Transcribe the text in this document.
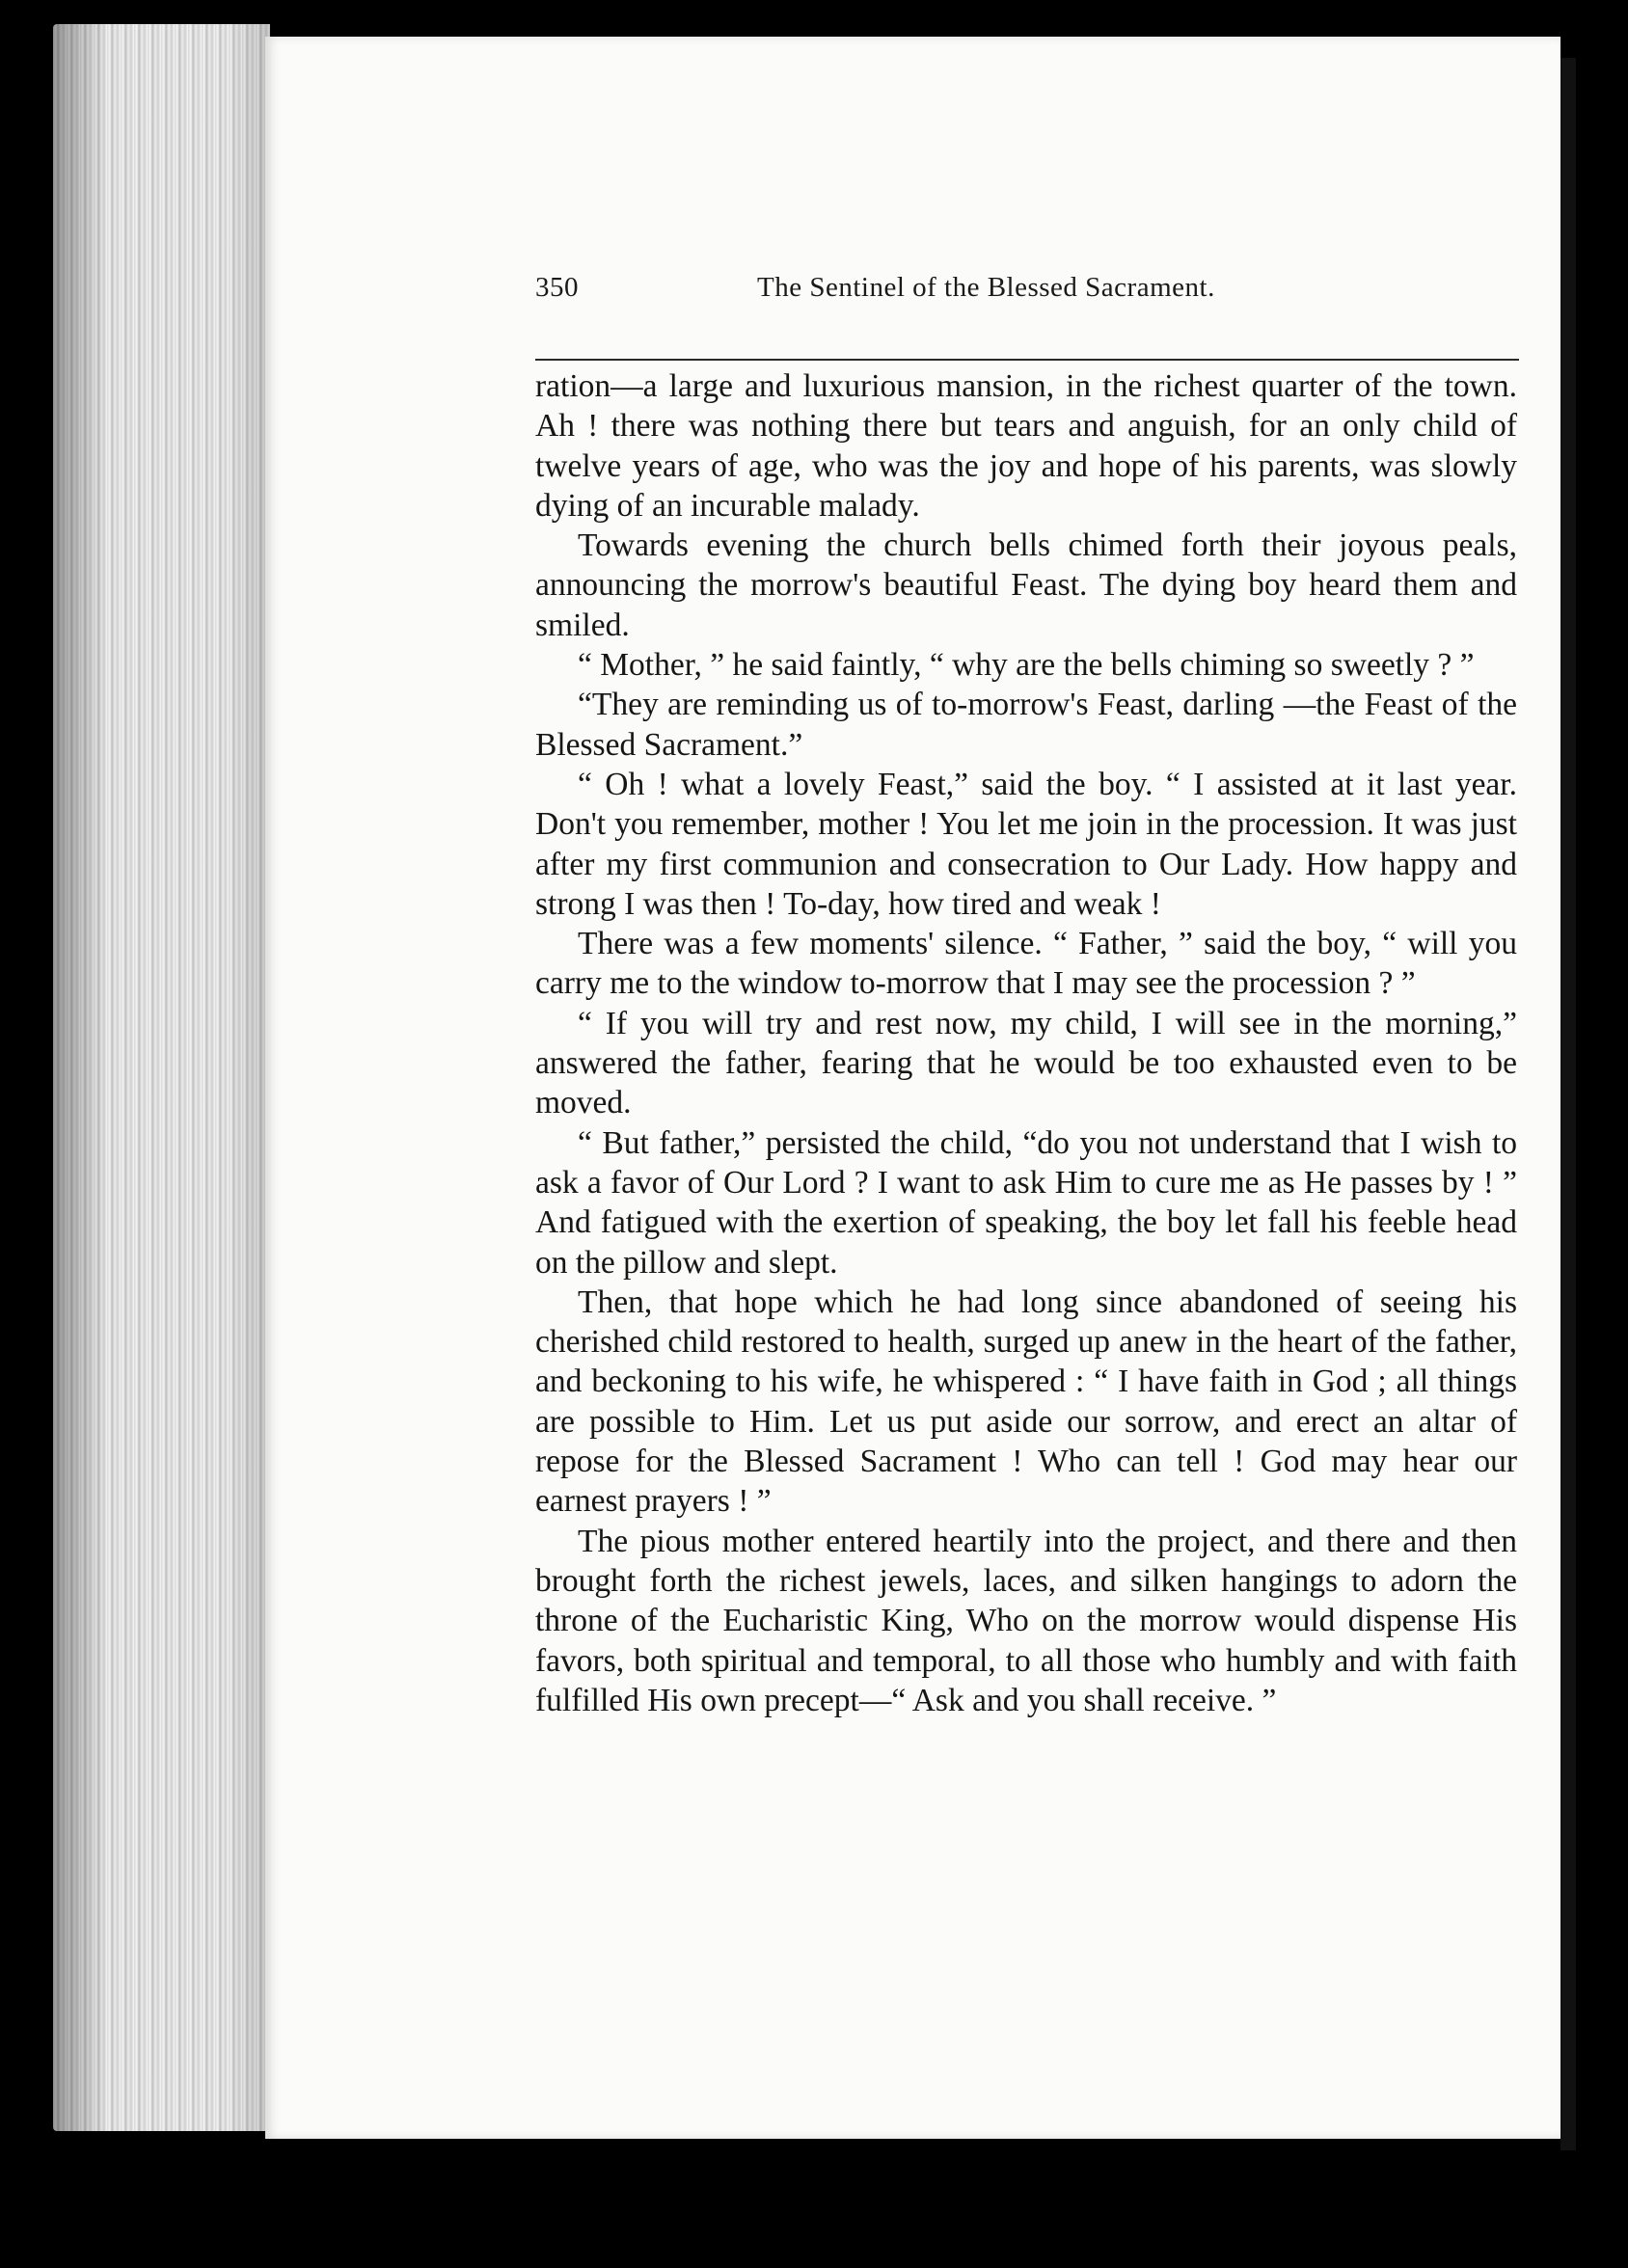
350	The Sentinel of the Blessed Sacrament.

ration—a large and luxurious mansion, in the richest quarter of the town. Ah ! there was nothing there but tears and anguish, for an only child of twelve years of age, who was the joy and hope of his parents, was slowly dying of an incurable malady.

Towards evening the church bells chimed forth their joyous peals, announcing the morrow's beautiful Feast. The dying boy heard them and smiled.

“ Mother, ” he said faintly, “ why are the bells chiming so sweetly ? ”

“They are reminding us of to-morrow's Feast, darling —the Feast of the Blessed Sacrament.”

“ Oh ! what a lovely Feast,” said the boy. “ I assisted at it last year. Don't you remember, mother ! You let me join in the procession. It was just after my first communion and consecration to Our Lady. How happy and strong I was then ! To-day, how tired and weak !

There was a few moments' silence. “ Father, ” said the boy, “ will you carry me to the window to-morrow that I may see the procession ? ”

“ If you will try and rest now, my child, I will see in the morning,” answered the father, fearing that he would be too exhausted even to be moved.

“ But father,” persisted the child, “do you not understand that I wish to ask a favor of Our Lord ? I want to ask Him to cure me as He passes by ! ” And fatigued with the exertion of speaking, the boy let fall his feeble head on the pillow and slept.

Then, that hope which he had long since abandoned of seeing his cherished child restored to health, surged up anew in the heart of the father, and beckoning to his wife, he whispered : “ I have faith in God ; all things are possible to Him. Let us put aside our sorrow, and erect an altar of repose for the Blessed Sacrament ! Who can tell ! God may hear our earnest prayers ! ”

The pious mother entered heartily into the project, and there and then brought forth the richest jewels, laces, and silken hangings to adorn the throne of the Eucharistic King, Who on the morrow would dispense His favors, both spiritual and temporal, to all those who humbly and with faith fulfilled His own precept—“ Ask and you shall receive. ”
